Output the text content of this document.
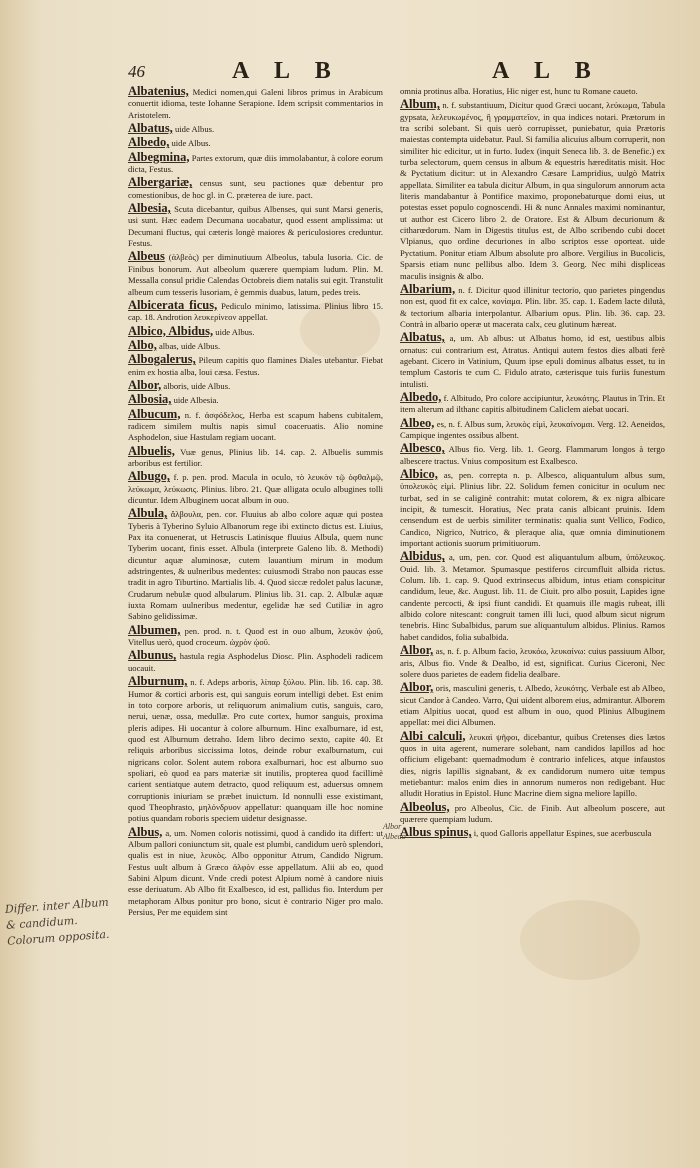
46	A L B	A L B
Albatenius, Medici nomen,qui Galeni libros primus in Arabicum conuertit idioma, teste Iohanne Serapione. Idem scripsit commentarios in Aristotelem.
Albatus, uide Albus.
Albedo, uide Albus.
Albegmina, Partes extorum, quæ diis immolabantur, à colore eorum dicta, Festus.
Albergariæ, census sunt, seu pactiones quæ debentur pro comestionibus, de hoc gl. in C. præterea de iure. pact.
Albesia, Scuta dicebantur, quibus Albenses, qui sunt Marsi generis, usi sunt. Hæc eadem Decumana uocabatur, quod essent amplissima: ut Decumani fluctus, qui cæteris longè maiores & periculosiores creduntur. Festus.
Albeus (ἀλβεὸς) per diminutiuum Albeolus, tabula lusoria. Cic. de Finibus bonorum. Aut albeolum quærere quempiam ludum. Plin. M. Messalla consul pridie Calendas Octobreis diem natalis sui egit. Transtulit albeum cum tesseris lusoriam, è gemmis duabus, latum, pedes treis.
Albicerata ficus, Pediculo minimo, latissima. Plinius libro 15. cap. 18. Androtion λευκερίνεον appellat.
Albico, Albidus, uide Albus.
Albo, albas, uide Albus.
Albogalerus, Pileum capitis quo flamines Diales utebantur. Fiebat enim ex hostia alba, loui cæsa. Festus.
Albor, alboris, uide Albus.
Albosia, uide Albesia.
Albucum, n. f. ἀσφόδελος, Herba est scapum habens cubitalem, radicem similem multis napis simul coaceruatis. Alio nomine Asphodelon, siue Hastulam regiam uocant.
Albuelis, Vuæ genus, Plinius lib. 14. cap. 2. Albuelis summis arboribus est fertilior.
Albugo, f. p. pen. prod. Macula in oculo, τὸ λευκὸν τῷ ὀφθαλμῷ, λεύκωμα, λεύκωσις. Plinius. libro. 21. Quæ alligata oculo albugines tolli dicuntur. Idem Albuginem uocat album in ouo.
Albula, ἄλβουλα, pen. cor. Fluuius ab albo colore aquæ qui postea Tyberis à Tyberino Syluio Albanorum rege ibi extincto dictus est. Liuius, Pax ita conuenerat, ut Hetruscis Latinisque fluuius Albula, quem nunc Tyberim uocant, finis esset. Albula (interprete Galeno lib. 8. Methodi) dicuntur aquæ aluminosæ, cutem lauantium mirum in modum adstringentes, & uulneribus medentes: cuiusmodi Strabo non paucas esse tradit in agro Tiburtino. Martialis lib. 4. Quod siccæ redolet palus lacunæ, Crudarum nebulæ quod albularum. Plinius lib. 31. cap. 2. Albulæ aquæ iuxta Romam uulneribus medentur, egelidæ hæ sed Cutiliæ in agro Sabino gelidissimæ.
Albumen, pen. prod. n. t. Quod est in ouo album, λευκὸν ᾠοῦ, Vitellus uerò, quod croceum. ὠχρὸν ᾠοῦ.
Albunus, hastula regia Asphodelus Diosc. Plin. Asphodeli radicem uocauit.
Alburnum, n. f. Adeps arboris, λίπαρ ξύλου. Plin. lib. 16. cap. 38. Humor & cortici arboris est, qui sanguis eorum intelligi debet. Est enim in toto corpore arboris, ut reliquorum animalium cutis, sanguis, caro, nerui, uenæ, ossa, medullæ. Pro cute cortex, humor sanguis, proxima pleris adipes. Hi uocantur à colore alburnum. Hinc exalburnare, id est, quod est Alburnum detraho. Idem libro decimo sexto, capite 40. Et reliquis arboribus siccissima lotos, deinde robur exalburnatum, cui nigricans color. Solent autem robora exalburnari, hoc est alburno suo spoliari, eò quod ea pars materiæ sit inutilis, propterea quod facillimè carient sentiatque autem detracto, quod reliquum est, aduersus omnem corruptionis iniuriam se præbet inuictum. Id nonnulli esse existimant, quod Theophrasto, μηλόνδρυον appellatur: quanquam ille hoc nomine potius quandam roboris speciem uidetur designasse.
Albus, a, um. Nomen coloris notissimi, quod à candido ita differt: ut Album pallori coniunctum sit, quale est plumbi, candidum uerò splendori, qualis est in niue, λευκὸς. Albo opponitur Atrum, Candido Nigrum. Festus uult album à Græco ἀλφὸν esse appellatum. Alii ab eo, quod Sabini Alpum dicunt. Vnde credi potest Alpium nomè à candore niuis esse deriuatum. Ab Albo fit Exalbesco, id est, pallidus fio. Interdum per metaphoram Albus ponitur pro bono, sicut è contrario Niger pro malo. Persius, Per me equidem sint
omnia protinus alba. Horatius, Hic niger est, hunc tu Romane caueto.
Album, n. f. substantiuum, Dicitur quod Græci uocant, λεύκωμα, Tabula gypsata, λελευκωμένος, ἢ γραμματεῖον, in qua indices notari. Prætorum in tra scribi solebant. Si quis uerò corrupisset, puniebatur, quia Prætoris maiestas contempta uidebatur. Paul. Si familia alicuius album corruperit, non similiter hic edicitur, ut in furto. Iudex (inquit Seneca lib. 3. de Benefic.) ex turba selectorum, quem census in album & equestris hæreditatis misit. Hoc & Pyctatium dicitur: ut in Alexandro Cæsare Lampridius, uulgò Matrix appellata. Similiter ea tabula dicitur Album, in qua singulorum annorum acta literis mandabantur à Pontifice maximo, proponebaturque domi eius, ut potestas esset populo cognoscendi. Hi & nunc Annales maximi nominantur, ut author est Cicero libro 2. de Oratore. Est & Album decurionum & citharœdorum. Nam in Digestis titulus est, de Albo scribendo cubi docet Vlpianus, quo ordine decuriones in albo scriptos esse oporteat. uide Pyctatium. Ponitur etiam Album absolute pro albore. Vergilius in Bucolicis, Sparsis etiam nunc pellibus albo. Idem 3. Georg. Nec mihi displiceas maculis insignis & albo.
Albarium, n. f. Dicitur quod illinitur tectorio, quo parietes pingendus non est, quod fit ex calce, κονίαμα. Plin. libr. 35. cap. 1. Eadem lacte dilutà, & tectorium albaria interpolantur. Albarium opus. Plin. lib. 36. cap. 23. Contrà in albario operæ ut macerata calx, ceu glutinum hæreat.
Albatus, a, um. Ab albus: ut Albatus homo, id est, uestibus albis ornatus: cui contrarium est, Atratus. Antiqui autem festos dies albati ferè agebant. Cicero in Vatinium, Quum ipse epuli dominus albatus esset, tu in templum Castoris te cum C. Fidulo atrato, cæterisque tuis furiis funestum intulisti.
Albedo, f. Albitudo, Pro colore accipiuntur, λευκότης. Plautus in Trin. Et item alterum ad ilthanc capitis albitudinem Caliclem aiebat uocari.
Albeo, es, n. f. Albus sum, λευκὸς εἰμὶ, λευκαίνομαι. Verg. 12. Aeneidos, Campique ingentes ossibus albent.
Albesco, Albus fio. Verg. lib. 1. Georg. Flammarum longos à tergo albescere tractus. Vnius compositum est Exalbesco.
Albico, as, pen. correpta n. p. Albesco, aliquantulum albus sum, ὑπολευκὸς εἰμὶ. Plinius libr. 22. Solidum femen conicitur in oculum nec turbat, sed in se caliginè contrahit: mutat colorem, & ex nigra albicare incipit, & tumescit. Horatius, Nec prata canis albicant pruinis. Idem censendum est de uerbis similiter terminatis: qualia sunt Vellico, Fodico, Candico, Nigrico, Nutrico, & pleraque alia, quæ omnia diminutionem important actionis suorum primitiuorum.
Albidus, a, um, pen. cor. Quod est aliquantulum album, ὑπόλευκος. Ouid. lib. 3. Metamor. Spumasque pestiferos circumfluit albida rictus. Colum. lib. 1. cap. 9. Quod extrinsecus albidum, intus etiam conspicitur candidum, leue, &c. August. lib. 11. de Ciuit. pro albo posuit, Lapides igne candente percocti, & ipsi fiunt candidi. Et quamuis ille magis rubeat, illi albido colore nitescant: congruit tamen illi luci, quod album sicut nigrum tenebris. Hinc Subalbidus, parum sue aliquantulum albidus. Plinius. Ramos habet candidos, folia subalbida.
Albor, as, n. f. p. Album facio, λευκόω, λευκαίνω: cuius passiuum Albor, aris, Albus fio. Vnde & Dealbo, id est, significat. Curius Ciceroni, Nec solere duos parietes de eadem fidelia dealbare.
Albor, oris, masculini generis, t. Albedo, λευκότης. Verbale est ab Albeo, sicut Candor à Candeo. Varro, Qui uident alborem eius, admirantur. Alborem etiam Alpitius uocat, quod est album in ouo, quod Plinius Albuginem appellat: mei dici Albumen.
Albi calculi, λευκαὶ ψῆφοι, dicebantur, quibus Cretenses dies lætos quos in uita agerent, numerare solebant, nam candidos lapillos ad hoc officium eligebant: quemadmodum è contrario infelices, atque infaustos dies, nigris lapillis signabant, & ex candidorum numero uitæ tempus metiebantur: malos enim dies in annorum numeros non redigebant. Huc alludit Horatius in Epistol. Hunc Macrine diem signa meliore lapillo.
Albeolus, pro Albeolus, Cic. de Finib. Aut albeolum poscere, aut quærere quempiam ludum.
Albus spinus, i, quod Galloris appellatur Espines, sue acerbuscula
Differ. inter Album & candidum. Colorum opposita.
Albor Albedo
